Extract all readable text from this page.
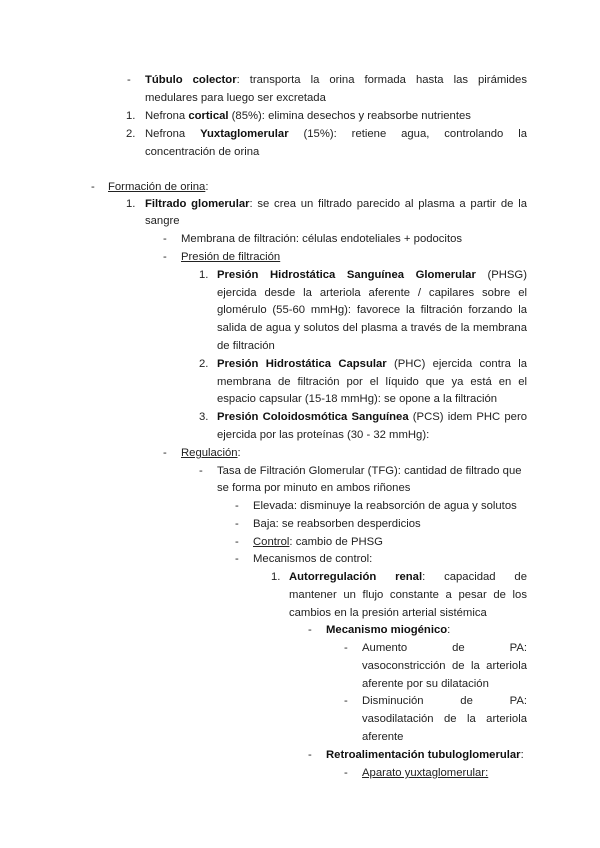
- Túbulo colector: transporta la orina formada hasta las pirámides
medulares para luego ser excretada
1. Nefrona cortical (85%): elimina desechos y reabsorbe nutrientes
2. Nefrona Yuxtaglomerular (15%): retiene agua, controlando la
concentración de orina
- Formación de orina:
1. Filtrado glomerular: se crea un filtrado parecido al plasma a partir de la
sangre
- Membrana de filtración: células endoteliales + podocitos
- Presión de filtración
1. Presión Hidrostática Sanguínea Glomerular (PHSG)
ejercida desde la arteriola aferente / capilares sobre el
glomérulo (55-60 mmHg): favorece la filtración forzando la
salida de agua y solutos del plasma a través de la membrana
de filtración
2. Presión Hidrostática Capsular (PHC) ejercida contra la
membrana de filtración por el líquido que ya está en el
espacio capsular (15-18 mmHg): se opone a la filtración
3. Presión Coloidosmótica Sanguínea (PCS) idem PHC pero
ejercida por las proteínas (30 - 32 mmHg):
- Regulación:
- Tasa de Filtración Glomerular (TFG): cantidad de filtrado que
se forma por minuto en ambos riñones
- Elevada: disminuye la reabsorción de agua y solutos
- Baja: se reabsorben desperdicios
- Control: cambio de PHSG
- Mecanismos de control:
1. Autorregulación renal: capacidad de
mantener un flujo constante a pesar de los
cambios en la presión arterial sistémica
- Mecanismo miogénico:
- Aumento de PA:
vasoconstricción de la arteriola
aferente por su dilatación
- Disminución de PA:
vasodilatación de la arteriola
aferente
- Retroalimentación tubuloglomerular:
- Aparato yuxtaglomerular:
